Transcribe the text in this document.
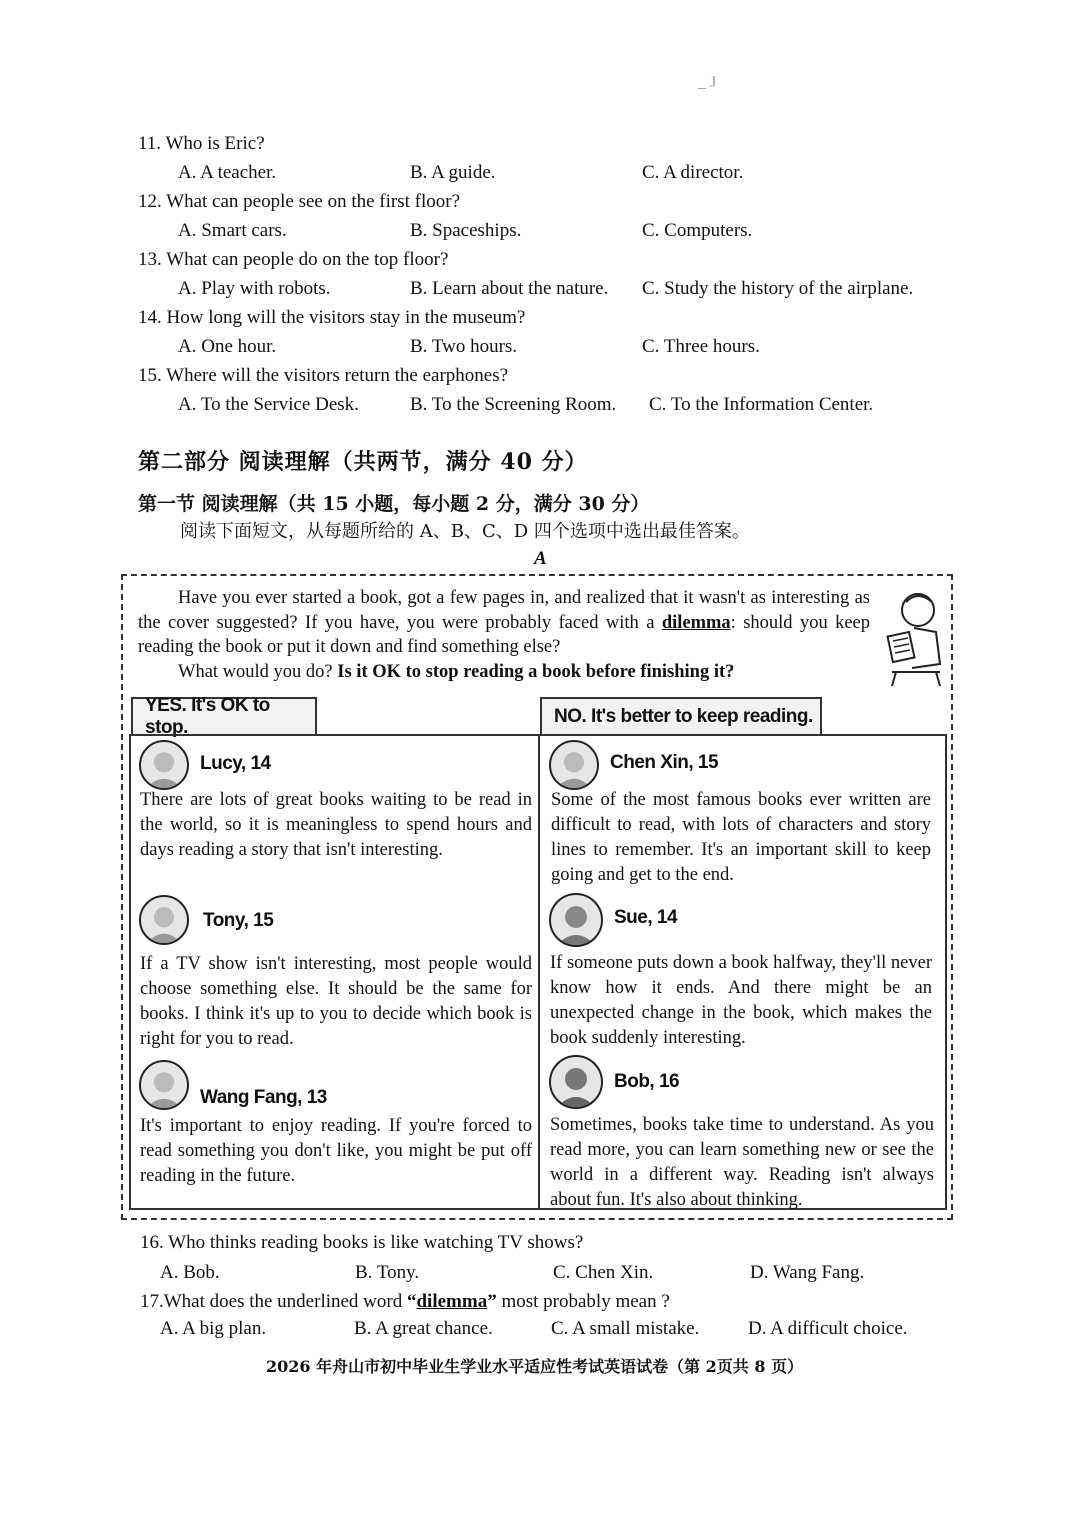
_ J
11. Who is Eric?
A. A teacher.	B. A guide.	C. A director.
12. What can people see on the first floor?
A. Smart cars.	B. Spaceships.	C. Computers.
13. What can people do on the top floor?
A. Play with robots.	B. Learn about the nature. C. Study the history of the airplane.
14. How long will the visitors stay in the museum?
A. One hour.	B. Two hours.	C. Three hours.
15. Where will the visitors return the earphones?
A. To the Service Desk.	B. To the Screening Room. C. To the Information Center.
第二部分 阅读理解（共两节，满分 40 分）
第一节 阅读理解（共 15 小题，每小题 2 分，满分 30 分）
阅读下面短文，从每题所给的 A、B、C、D 四个选项中选出最佳答案。
A

Have you ever started a book, got a few pages in, and realized that it wasn't as interesting as the cover suggested? If you have, you were probably faced with a dilemma: should you keep reading the book or put it down and find something else?

What would you do? Is it OK to stop reading a book before finishing it?

YES. It's OK to stop.
NO. It's better to keep reading.
Lucy, 14
There are lots of great books waiting to be read in the world, so it is meaningless to spend hours and days reading a story that isn't interesting.
Tony, 15
If a TV show isn't interesting, most people would choose something else. It should be the same for books. I think it's up to you to decide which book is right for you to read.
Wang Fang, 13
It's important to enjoy reading. If you're forced to read something you don't like, you might be put off reading in the future.
Chen Xin, 15
Some of the most famous books ever written are difficult to read, with lots of characters and story lines to remember. It's an important skill to keep going and get to the end.
Sue, 14
If someone puts down a book halfway, they'll never know how it ends. And there might be an unexpected change in the book, which makes the book suddenly interesting.
Bob, 16
Sometimes, books take time to understand. As you read more, you can learn something new or see the world in a different way. Reading isn't always about fun. It's also about thinking.
16. Who thinks reading books is like watching TV shows?
A. Bob.	B. Tony.	C. Chen Xin.	D. Wang Fang.
17.What does the underlined word “dilemma” most probably mean ?
A. A big plan.	B. A great chance.	C. A small mistake.	D. A difficult choice.
2026 年舟山市初中毕业生学业水平适应性考试英语试卷（第 2页共 8 页）
